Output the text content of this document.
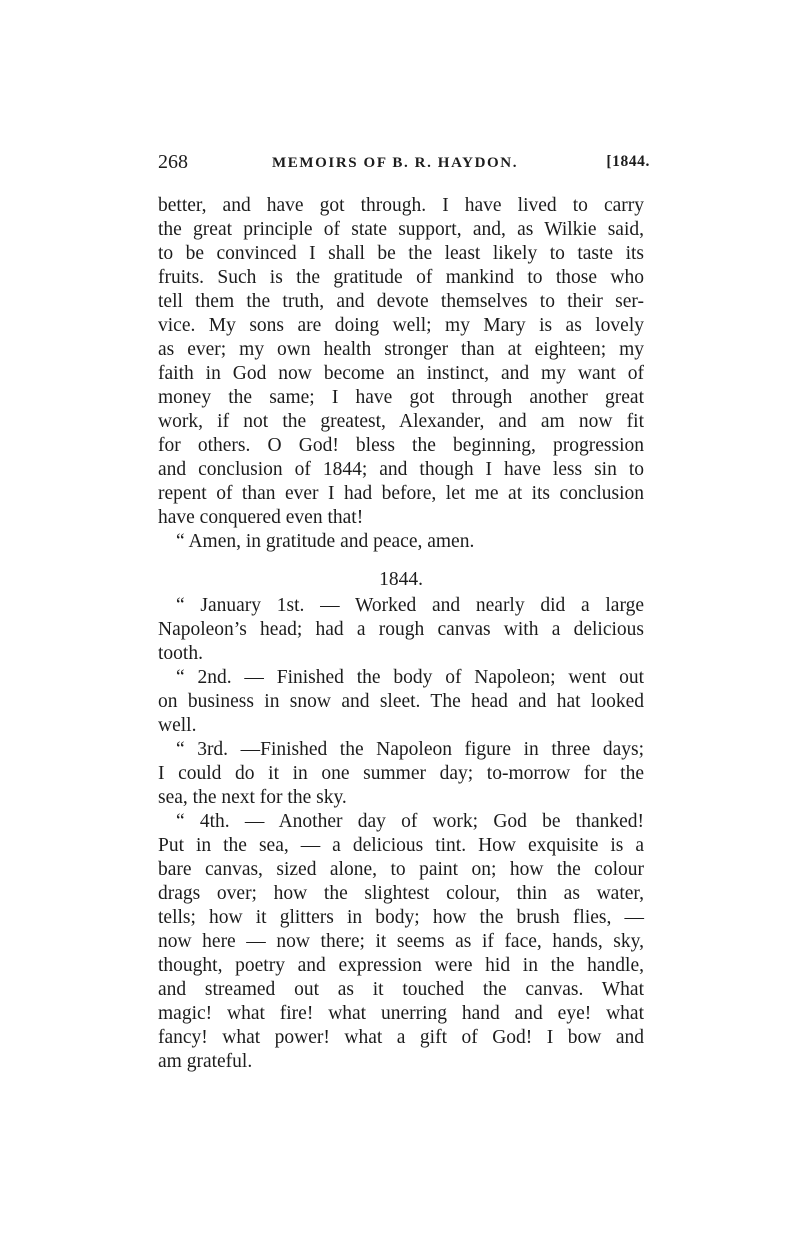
268	MEMOIRS OF B. R. HAYDON.	[1844.
better, and have got through. I have lived to carry
the great principle of state support, and, as Wilkie said,
to be convinced I shall be the least likely to taste its
fruits. Such is the gratitude of mankind to those who
tell them the truth, and devote themselves to their ser-
vice. My sons are doing well; my Mary is as lovely
as ever; my own health stronger than at eighteen; my
faith in God now become an instinct, and my want of
money the same; I have got through another great
work, if not the greatest, Alexander, and am now fit
for others. O God! bless the beginning, progression
and conclusion of 1844; and though I have less sin to
repent of than ever I had before, let me at its conclusion
have conquered even that!
“ Amen, in gratitude and peace, amen.
1844.
“ January 1st. — Worked and nearly did a large
Napoleon’s head; had a rough canvas with a delicious
tooth.
“ 2nd. — Finished the body of Napoleon; went out
on business in snow and sleet. The head and hat looked
well.
“ 3rd. —Finished the Napoleon figure in three days;
I could do it in one summer day; to-morrow for the
sea, the next for the sky.
“ 4th. — Another day of work; God be thanked!
Put in the sea, — a delicious tint. How exquisite is a
bare canvas, sized alone, to paint on; how the colour
drags over; how the slightest colour, thin as water,
tells; how it glitters in body; how the brush flies, —
now here — now there; it seems as if face, hands, sky,
thought, poetry and expression were hid in the handle,
and streamed out as it touched the canvas. What
magic! what fire! what unerring hand and eye! what
fancy! what power! what a gift of God! I bow and
am grateful.
